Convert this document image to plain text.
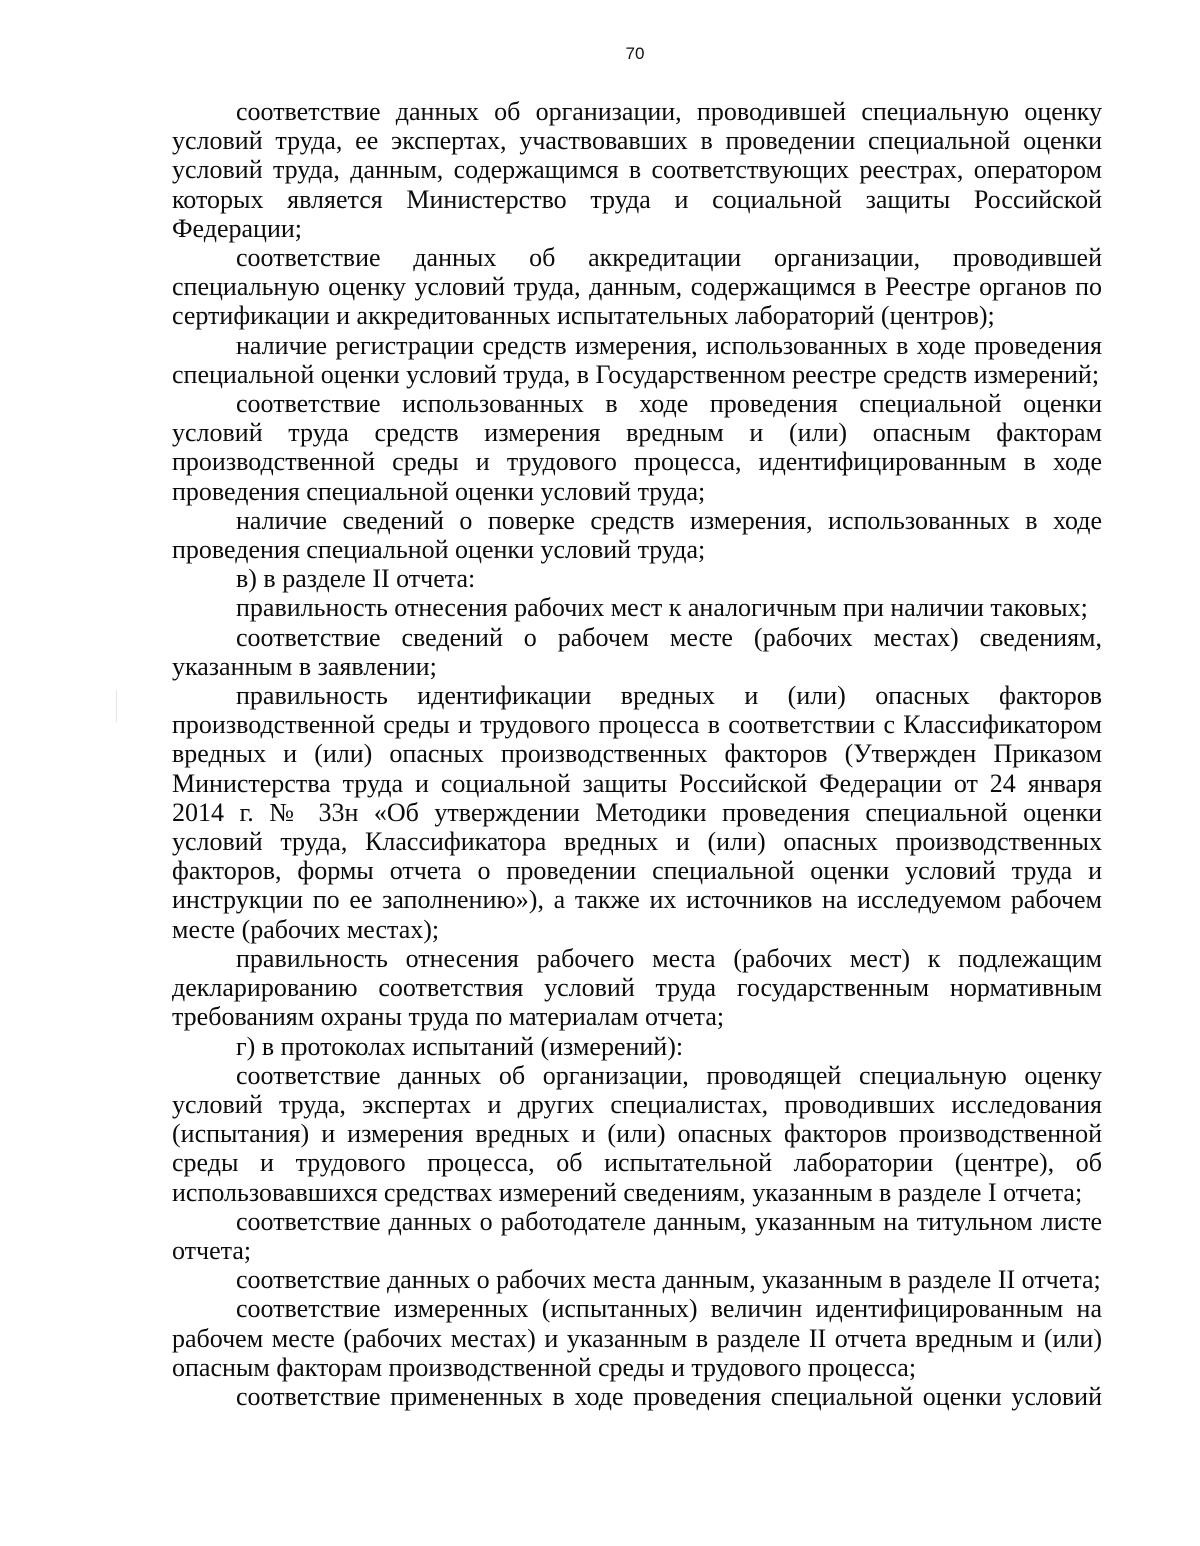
70

соответствие данных об организации, проводившей специальную оценку условий труда, ее экспертах, участвовавших в проведении специальной оценки условий труда, данным, содержащимся в соответствующих реестрах, оператором которых является Министерство труда и социальной защиты Российской Федерации;

соответствие данных об аккредитации организации, проводившей специальную оценку условий труда, данным, содержащимся в Реестре органов по сертификации и аккредитованных испытательных лабораторий (центров);

наличие регистрации средств измерения, использованных в ходе проведения специальной оценки условий труда, в Государственном реестре средств измерений;

соответствие использованных в ходе проведения специальной оценки условий труда средств измерения вредным и (или) опасным факторам производственной среды и трудового процесса, идентифицированным в ходе проведения специальной оценки условий труда;

наличие сведений о поверке средств измерения, использованных в ходе проведения специальной оценки условий труда;

в) в разделе II отчета:

правильность отнесения рабочих мест к аналогичным при наличии таковых;

соответствие сведений о рабочем месте (рабочих местах) сведениям, указанным в заявлении;

правильность идентификации вредных и (или) опасных факторов производственной среды и трудового процесса в соответствии с Классификатором вредных и (или) опасных производственных факторов (Утвержден Приказом Министерства труда и социальной защиты Российской Федерации от 24 января 2014 г. № 33н «Об утверждении Методики проведения специальной оценки условий труда, Классификатора вредных и (или) опасных производственных факторов, формы отчета о проведении специальной оценки условий труда и инструкции по ее заполнению»), а также их источников на исследуемом рабочем месте (рабочих местах);

правильность отнесения рабочего места (рабочих мест) к подлежащим декларированию соответствия условий труда государственным нормативным требованиям охраны труда по материалам отчета;

г) в протоколах испытаний (измерений):

соответствие данных об организации, проводящей специальную оценку условий труда, экспертах и других специалистах, проводивших исследования (испытания) и измерения вредных и (или) опасных факторов производственной среды и трудового процесса, об испытательной лаборатории (центре), об использовавшихся средствах измерений сведениям, указанным в разделе I отчета;

соответствие данных о работодателе данным, указанным на титульном листе отчета;

соответствие данных о рабочих места данным, указанным в разделе II отчета;

соответствие измеренных (испытанных) величин идентифицированным на рабочем месте (рабочих местах) и указанным в разделе II отчета вредным и (или) опасным факторам производственной среды и трудового процесса;

соответствие примененных в ходе проведения специальной оценки условий
